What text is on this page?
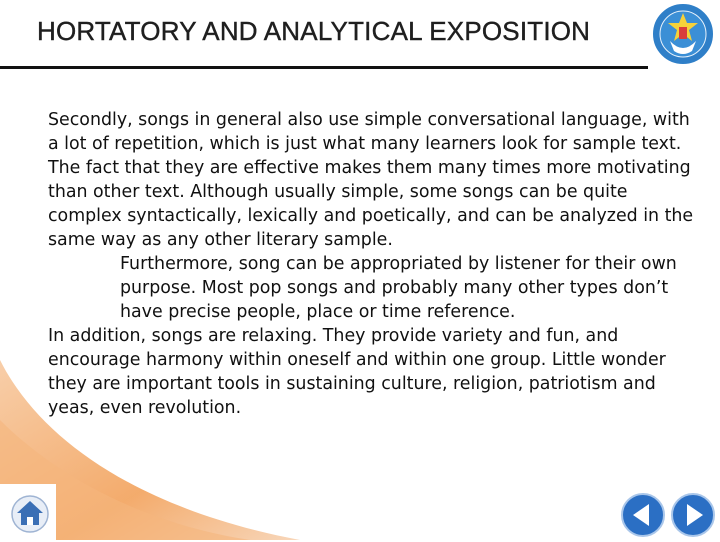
HORTATORY AND ANALYTICAL EXPOSITION

Secondly, songs in general also use simple conversational language, with a lot of repetition, which is just what many learners look for sample text. The fact that they are effective makes them many times more motivating than other text. Although usually simple, some songs can be quite complex syntactically, lexically and poetically, and can be analyzed in the same way as any other literary sample.

Furthermore, song can be appropriated by listener for their own purpose. Most pop songs and probably many other types don’t have precise people, place or time reference.

In addition, songs are relaxing. They provide variety and fun, and encourage harmony within oneself and within one group. Little wonder they are important tools in sustaining culture, religion, patriotism and yeas, even revolution.
